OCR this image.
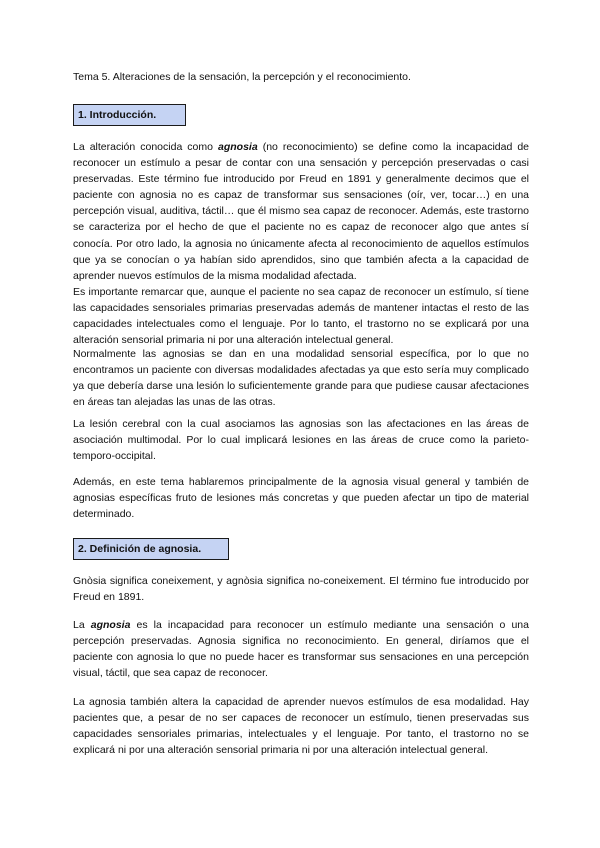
Tema 5. Alteraciones de la sensación, la percepción y el reconocimiento.
1. Introducción.

La alteración conocida como agnosia (no reconocimiento) se define como la incapacidad de reconocer un estímulo a pesar de contar con una sensación y percepción preservadas o casi preservadas. Este término fue introducido por Freud en 1891 y generalmente decimos que el paciente con agnosia no es capaz de transformar sus sensaciones (oír, ver, tocar…) en una percepción visual, auditiva, táctil… que él mismo sea capaz de reconocer. Además, este trastorno se caracteriza por el hecho de que el paciente no es capaz de reconocer algo que antes sí conocía. Por otro lado, la agnosia no únicamente afecta al reconocimiento de aquellos estímulos que ya se conocían o ya habían sido aprendidos, sino que también afecta a la capacidad de aprender nuevos estímulos de la misma modalidad afectada.

Es importante remarcar que, aunque el paciente no sea capaz de reconocer un estímulo, sí tiene las capacidades sensoriales primarias preservadas además de mantener intactas el resto de las capacidades intelectuales como el lenguaje. Por lo tanto, el trastorno no se explicará por una alteración sensorial primaria ni por una alteración intelectual general.

Normalmente las agnosias se dan en una modalidad sensorial específica, por lo que no encontramos un paciente con diversas modalidades afectadas ya que esto sería muy complicado ya que debería darse una lesión lo suficientemente grande para que pudiese causar afectaciones en áreas tan alejadas las unas de las otras.

La lesión cerebral con la cual asociamos las agnosias son las afectaciones en las áreas de asociación multimodal. Por lo cual implicará lesiones en las áreas de cruce como la parieto-temporo-occipital.

Además, en este tema hablaremos principalmente de la agnosia visual general y también de agnosias específicas fruto de lesiones más concretas y que pueden afectar un tipo de material determinado.

2. Definición de agnosia.

Gnòsia significa coneixement, y agnòsia significa no-coneixement. El término fue introducido por Freud en 1891.

La agnosia es la incapacidad para reconocer un estímulo mediante una sensación o una percepción preservadas. Agnosia significa no reconocimiento. En general, diríamos que el paciente con agnosia lo que no puede hacer es transformar sus sensaciones en una percepción visual, táctil, que sea capaz de reconocer.

La agnosia también altera la capacidad de aprender nuevos estímulos de esa modalidad. Hay pacientes que, a pesar de no ser capaces de reconocer un estímulo, tienen preservadas sus capacidades sensoriales primarias, intelectuales y el lenguaje. Por tanto, el trastorno no se explicará ni por una alteración sensorial primaria ni por una alteración intelectual general.
